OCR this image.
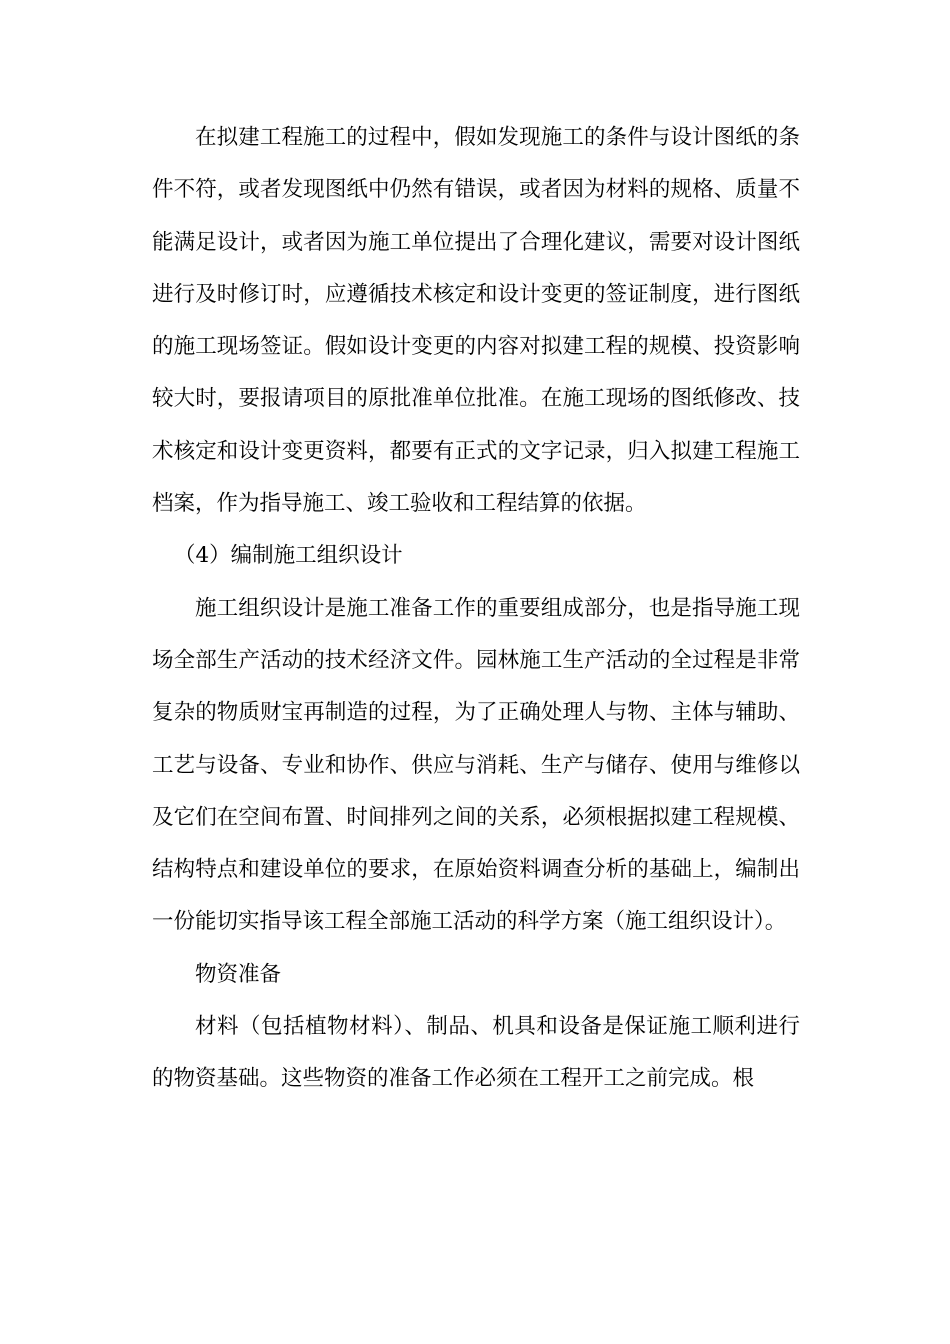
在拟建工程施工的过程中，假如发现施工的条件与设计图纸的条件不符，或者发现图纸中仍然有错误，或者因为材料的规格、质量不能满足设计，或者因为施工单位提出了合理化建议，需要对设计图纸进行及时修订时，应遵循技术核定和设计变更的签证制度，进行图纸的施工现场签证。假如设计变更的内容对拟建工程的规模、投资影响较大时，要报请项目的原批准单位批准。在施工现场的图纸修改、技术核定和设计变更资料，都要有正式的文字记录，归入拟建工程施工档案，作为指导施工、竣工验收和工程结算的依据。

（4）编制施工组织设计

施工组织设计是施工准备工作的重要组成部分，也是指导施工现场全部生产活动的技术经济文件。园林施工生产活动的全过程是非常复杂的物质财宝再制造的过程，为了正确处理人与物、主体与辅助、工艺与设备、专业和协作、供应与消耗、生产与储存、使用与维修以及它们在空间布置、时间排列之间的关系，必须根据拟建工程规模、结构特点和建设单位的要求，在原始资料调查分析的基础上，编制出一份能切实指导该工程全部施工活动的科学方案（施工组织设计）。

物资准备

材料（包括植物材料）、制品、机具和设备是保证施工顺利进行的物资基础。这些物资的准备工作必须在工程开工之前完成。根
